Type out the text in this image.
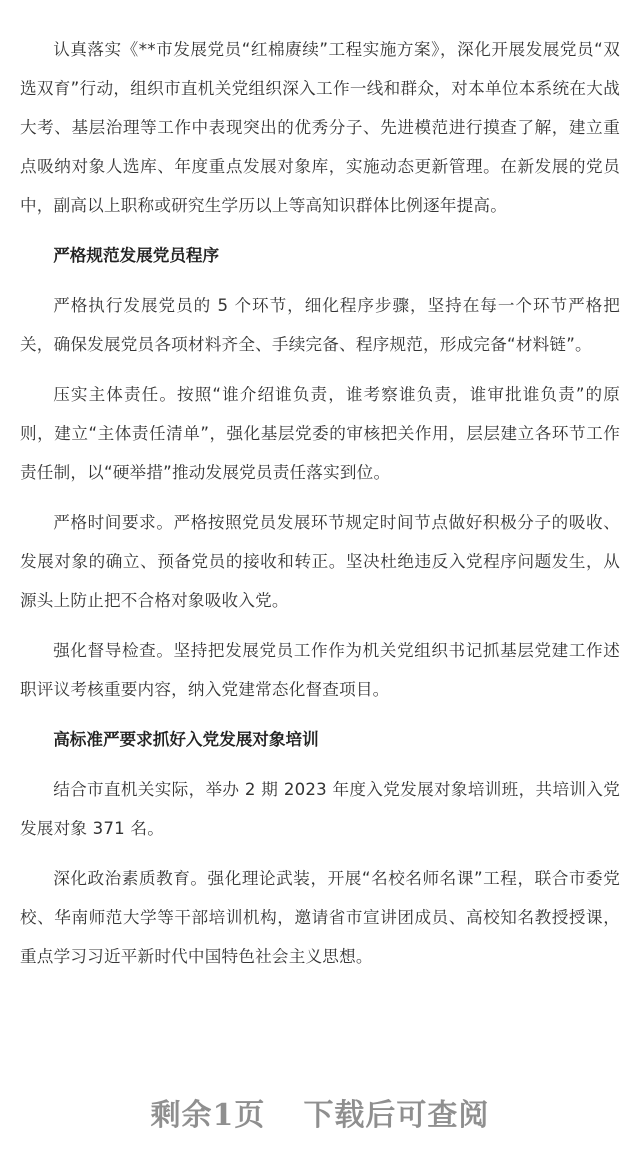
认真落实《**市发展党员“红棉赓续”工程实施方案》，深化开展发展党员“双选双育”行动，组织市直机关党组织深入工作一线和群众，对本单位本系统在大战大考、基层治理等工作中表现突出的优秀分子、先进模范进行摸查了解，建立重点吸纳对象人选库、年度重点发展对象库，实施动态更新管理。在新发展的党员中，副高以上职称或研究生学历以上等高知识群体比例逐年提高。

严格规范发展党员程序

严格执行发展党员的 5 个环节，细化程序步骤，坚持在每一个环节严格把关，确保发展党员各项材料齐全、手续完备、程序规范，形成完备“材料链”。

压实主体责任。按照“谁介绍谁负责，谁考察谁负责，谁审批谁负责”的原则，建立“主体责任清单”，强化基层党委的审核把关作用，层层建立各环节工作责任制，以“硬举措”推动发展党员责任落实到位。

严格时间要求。严格按照党员发展环节规定时间节点做好积极分子的吸收、发展对象的确立、预备党员的接收和转正。坚决杜绝违反入党程序问题发生，从源头上防止把不合格对象吸收入党。

强化督导检查。坚持把发展党员工作作为机关党组织书记抓基层党建工作述职评议考核重要内容，纳入党建常态化督查项目。

高标准严要求抓好入党发展对象培训

结合市直机关实际，举办 2 期 2023 年度入党发展对象培训班，共培训入党发展对象 371 名。

深化政治素质教育。强化理论武装，开展“名校名师名课”工程，联合市委党校、华南师范大学等干部培训机构，邀请省市宣讲团成员、高校知名教授授课，重点学习习近平新时代中国特色社会主义思想。

剩余1页 下载后可查阅
